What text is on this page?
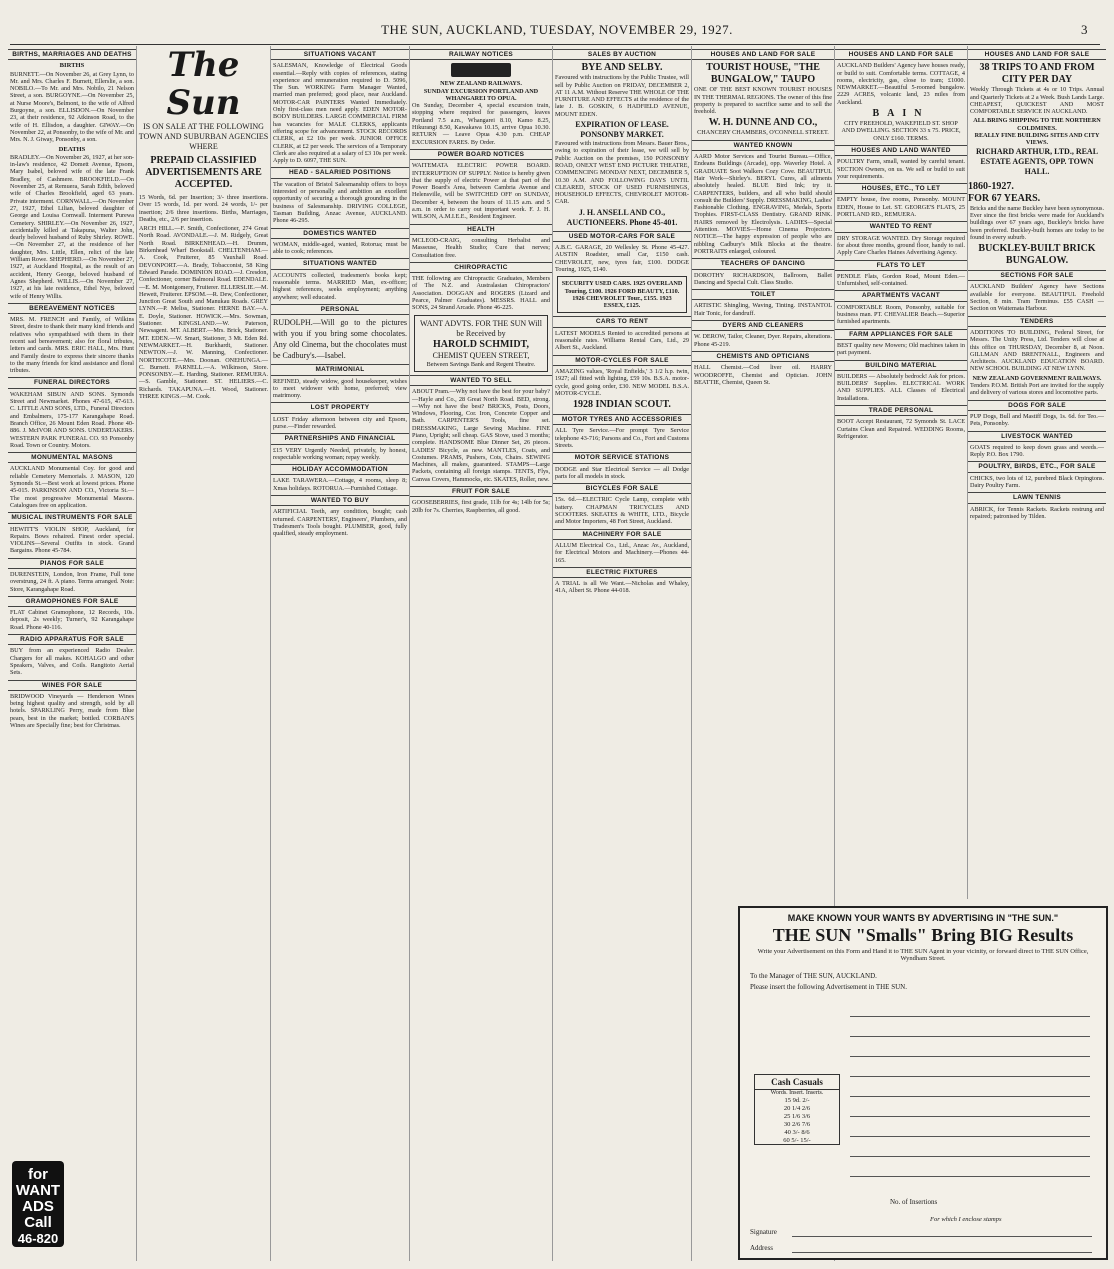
THE SUN, AUCKLAND, TUESDAY, NOVEMBER 29, 1927.	3
BIRTHS, MARRIAGES AND DEATHS
BIRTHS
BURNETT.—On November 26, at Grey Lynn, to Mr. and Mrs. Charles F. Burnett, Ellerslie, a son. NOBILO.—To Mr. and Mrs. Nobilo, 21 Nelson Street, a son. BURGOYNE.—On November 25, at Nurse Moore's, Belmont, to the wife of Alfred Burgoyne, a son. ELLISDON.—On November 23, at their residence, 92 Atkinson Road, to the wife of H. Ellisdon, a daughter. GIWAY.—On November 22, at Ponsonby, to the wife of Mr. and Mrs. N. J. Giway, Ponsonby, a son.
DEATHS
BRADLEY.—On November 26, 1927, at her son-in-law's residence, 42 Domett Avenue, Epsom, Mary Isabel, beloved wife of the late Frank Bradley, of Cashmere. BROOKFIELD.—On November 25, at Remuera, Sarah Edith, beloved wife of Charles Brookfield, aged 63 years. Private interment. CORNWALL.—On November 27, 1927, Ethel Lilian, beloved daughter of George and Louisa Cornwall. Interment Purewa Cemetery. SHIRLEY.—On November 26, 1927, accidentally killed at Takapuna, Walter John, dearly beloved husband of Ruby Shirley. ROWE.—On November 27, at the residence of her daughter, Mrs. Little, Ellen, relict of the late William Rowe. SHEPHERD.—On November 27, 1927, at Auckland Hospital, as the result of an accident, Henry George, beloved husband of Agnes Shepherd. WILLIS.—On November 27, 1927, at his late residence, Ethel Nye, beloved wife of Henry Willis.
BEREAVEMENT NOTICES
MRS. M. FRENCH and Family, of Wilkins Street, desire to thank their many kind friends and relatives who sympathised with them in their recent sad bereavement; also for floral tributes, letters and cards. MRS. ERIC HALL, Mrs. Hunt and Family desire to express their sincere thanks to the many friends for kind assistance and floral tributes.
FUNERAL DIRECTORS
WAKEHAM SIBUN AND SONS. Symonds Street and Newmarket. Phones 47-615, 47-613. C. LITTLE AND SONS, LTD., Funeral Directors and Embalmers, 175-177 Karangahape Road. Branch Office, 26 Mount Eden Road. Phone 40-886. J. McIVOR AND SONS. UNDERTAKERS. WESTERN PARK FUNERAL CO. 93 Ponsonby Road. Town or Country. Motors.
MONUMENTAL MASONS
AUCKLAND Monumental Coy. for good and reliable Cemetery Memorials. J. MASON, 120 Symonds St.—Best work at lowest prices. Phone 45-015. PARKINSON AND CO., Victoria St.—The most progressive Monumental Masons. Catalogues free on application.
MUSICAL INSTRUMENTS FOR SALE
HEWITT'S VIOLIN SHOP, Auckland, for Repairs. Bows rehaired. Finest order special. VIOLINS—Several Outfits in stock. Grand Bargains. Phone 45-784.
PIANOS FOR SALE
DURENSTEIN, London, Iron Frame, Full tone overstrung, 24 ft. A piano. Terms arranged. Note: Store, Karangahape Road.
GRAMOPHONES FOR SALE
FLAT Cabinet Gramophone, 12 Records, 10s. deposit, 2s weekly; Turner's, 92 Karangahape Road. Phone 40-116.
RADIO APPARATUS FOR SALE
BUY from an experienced Radio Dealer. Chargers for all makes. KOHALGO and other Speakers, Valves, and Coils. Rangitoto Aerial Sets.
WINES FOR SALE
BRIDWOOD Vineyards — Henderson Wines being highest quality and strength, sold by all hotels. SPARKLING Perry, made from Blue pears, best in the market; bottled. CORBAN'S Wines are Specially fine; best for Christmas.
for WANT ADS Call
46-820
The Sun
IS ON SALE AT THE FOLLOWING TOWN AND SUBURBAN AGENCIES WHERE
PREPAID CLASSIFIED ADVERTISEMENTS ARE ACCEPTED.
15 Words, 6d. per Insertion; 3/- three insertions. Over 15 words, 1d. per word. 24 words, 1/- per insertion; 2/6 three insertions. Births, Marriages, Deaths, etc., 2/6 per insertion.
ARCH HILL.—F. Smith, Confectioner, 274 Great North Road. AVONDALE.—J. M. Ridgely, Great North Road. BIRKENHEAD.—H. Drumm, Birkenhead Wharf Bookstall. CHELTENHAM.—A. Cook, Fruiterer, 85 Vauxhall Road. DEVONPORT.—A. Brady, Tobacconist, 58 King Edward Parade. DOMINION ROAD.—J. Cresdon, Confectioner, corner Balmoral Road. EDENDALE.—E. M. Montgomery, Fruiterer. ELLERSLIE.—M. Hewett, Fruiterer. EPSOM.—R. Dew, Confectioner, Junction Great South and Manukau Roads. GREY LYNN.—P. Meliss, Stationer. HERNE BAY.—A. E. Doyle, Stationer. HOWICK.—Mrs. Sowman, Stationer. KINGSLAND.—W. Paterson, Newsagent. MT. ALBERT.—Mrs. Brick, Stationer. MT. EDEN.—W. Smart, Stationer, 3 Mt. Eden Rd. NEWMARKET.—H. Burkhardt, Stationer. NEWTON.—J. W. Manning, Confectioner. NORTHCOTE.—Mrs. Doonan. ONEHUNGA.—C. Burnett. PARNELL.—A. Wilkinson, Store. PONSONBY.—E. Harding, Stationer. REMUERA.—S. Gamble, Stationer. ST. HELIERS.—C. Richards. TAKAPUNA.—H. Wood, Stationer. THREE KINGS.—M. Cook.
SITUATIONS VACANT
SALESMAN, Knowledge of Electrical Goods essential.—Reply with copies of references, stating experience and remuneration required to D. 5096, The Sun. WORKING Farm Manager Wanted, married man preferred; good place, near Auckland. MOTOR-CAR PAINTERS Wanted Immediately. Only first-class men need apply. EDEN MOTOR-BODY BUILDERS. LARGE COMMERCIAL FIRM has vacancies for MALE CLERKS, applicants offering scope for advancement. STOCK RECORDS CLERK, at £2 10s per week. JUNIOR OFFICE CLERK, at £2 per week. The services of a Temporary Clerk are also required at a salary of £3 10s per week. Apply to D. 6097, THE SUN.
HEAD - SALARIED POSITIONS
The vacation of Bristol Salesmanship offers to boys interested or personally and ambition an excellent opportunity of securing a thorough grounding in the business of Salesmanship. DRIVING COLLEGE, Tasman Building, Anzac Avenue, AUCKLAND. Phone 46-295.
DOMESTICS WANTED
WOMAN, middle-aged, wanted, Rotorua; must be able to cook; references.
SITUATIONS WANTED
ACCOUNTS collected, tradesmen's books kept; reasonable terms. MARRIED Man, ex-officer; highest references, seeks employment; anything anywhere; well educated.
PERSONAL
RUDOLPH.—Will go to the pictures with you if you bring some chocolates. Any old Cinema, but the chocolates must be Cadbury's.—Isabel.
MATRIMONIAL
REFINED, steady widow, good housekeeper, wishes to meet widower with home, preferred; view matrimony.
LOST PROPERTY
LOST Friday afternoon between city and Epsom, purse.—Finder rewarded.
PARTNERSHIPS AND FINANCIAL
£15 VERY Urgently Needed, privately, by honest, respectable working woman; repay weekly.
HOLIDAY ACCOMMODATION
LAKE TARAWERA.—Cottage, 4 rooms, sleep 8; Xmas holidays. ROTORUA.—Furnished Cottage.
WANTED TO BUY
ARTIFICIAL Teeth, any condition, bought; cash returned. CARPENTERS', Engineers', Plumbers, and Tradesmen's Tools bought. PLUMBER, good, fully qualified, steady employment.
RAILWAY NOTICES
NEW ZEALAND RAILWAYS.
SUNDAY EXCURSION PORTLAND AND WHANGAREI TO OPUA.
On Sunday, December 4, special excursion train, stopping where required for passengers, leaves Portland 7.5 a.m., Whangarei 8.10, Kamo 8.25, Hikurangi 8.50, Kawakawa 10.15, arrive Opua 10.30. RETURN — Leave Opua 4.30 p.m. CHEAP EXCURSION FARES. By Order.
POWER BOARD NOTICES
WAITEMATA ELECTRIC POWER BOARD. INTERRUPTION OF SUPPLY. Notice is hereby given that the supply of electric Power at that part of the Power Board's Area, between Cambria Avenue and Helensville, will be SWITCHED OFF on SUNDAY, December 4, between the hours of 11.15 a.m. and 5 a.m. in order to carry out important work. F. J. H. WILSON, A.M.I.E.E., Resident Engineer.
HEALTH
MCLEOD-CRAIG, consulting Herbalist and Masseuse, Health Studio; Cure that nerves; Consultation free.
CHIROPRACTIC
THE following are Chiropractic Graduates, Members of The N.Z. and Australasian Chiropractors' Association. DOGGAN and ROGERS (Lizard and Pearce, Palmer Graduates). MESSRS. HALL and SONS, 24 Strand Arcade. Phone 46-225.
WANT ADVTS. FOR THE SUN Will be Received by
HAROLD SCHMIDT,
CHEMIST QUEEN STREET,
Between Savings Bank and Regent Theatre.
WANTED TO SELL
ABOUT Pram.—Why not have the best for your baby?—Hayle and Co., 28 Great North Road. BED, strong.—Why not have the best? BRICKS, Posts, Doors, Windows, Flooring, Cor. Iron, Concrete Copper and Bath. CARPENTER'S Tools, fine set. DRESSMAKING, Large Sewing Machine. FINE Piano, Upright; sell cheap. GAS Stove, used 3 months; complete. HANDSOME Blue Dinner Set, 26 pieces. LADIES' Bicycle, as new. MANTLES, Coats, and Costumes. PRAMS, Pushers, Cots, Chairs. SEWING Machines, all makes, guaranteed. STAMPS—Large Packets, containing all foreign stamps. TENTS, Flys, Canvas Covers, Hammocks, etc. SKATES, Roller, new.
FRUIT FOR SALE
GOOSEBERRIES, first grade, 11lb for 4s; 14lb for 5s; 20lb for 7s. Cherries, Raspberries, all good.
SALES BY AUCTION
BYE AND SELBY.
Favoured with instructions by the Public Trustee, will sell by Public Auction on FRIDAY, DECEMBER 2, AT 11 A.M. Without Reserve THE WHOLE OF THE FURNITURE AND EFFECTS at the residence of the late J. B. GOSKIN, 6 HADFIELD AVENUE, MOUNT EDEN.
EXPIRATION OF LEASE. PONSONBY MARKET.
Favoured with instructions from Messrs. Bauer Bros., owing to expiration of their lease, we will sell by Public Auction on the premises, 150 PONSONBY ROAD, ONEXT WEST END PICTURE THEATRE, COMMENCING MONDAY NEXT, DECEMBER 5, 10.30 A.M. AND FOLLOWING DAYS UNTIL CLEARED, STOCK OF USED FURNISHINGS, HOUSEHOLD EFFECTS, CHEVROLET MOTOR-CAR.
J. H. ANSELL AND CO., AUCTIONEERS. Phone 45-401.
USED MOTOR-CARS FOR SALE
A.B.C. GARAGE, 20 Wellesley St. Phone 45-427. AUSTIN Roadster, small Car, £150 cash. CHEVROLET, new, tyres fair, £100. DODGE Touring, 1925, £140.
SECURITY USED CARS. 1925 OVERLAND Touring, £100. 1926 FORD BEAUTY, £110. 1926 CHEVROLET Tour., £155. 1923 ESSEX, £125.
CARS TO RENT
LATEST MODELS Rented to accredited persons at reasonable rates. Williams Rental Cars, Ltd., 29 Albert St., Auckland.
MOTOR-CYCLES FOR SALE
AMAZING values, 'Royal Enfields,' 3 1/2 h.p. twin, 1927; all fitted with lighting, £59 10s. B.S.A. motor-cycle, good going order, £30. NEW MODEL B.S.A. MOTOR-CYCLE.
1928 INDIAN SCOUT.
MOTOR TYRES AND ACCESSORIES
ALL Tyre Service.—For prompt Tyre Service telephone 43-716; Parsons and Co., Fort and Customs Streets.
MOTOR SERVICE STATIONS
DODGE and Star Electrical Service — all Dodge parts for all models in stock.
BICYCLES FOR SALE
15s. 6d.—ELECTRIC Cycle Lamp, complete with battery. CHAPMAN TRICYCLES AND SCOOTERS. SKEATES & WHITE, LTD., Bicycle and Motor Importers, 48 Fort Street, Auckland.
MACHINERY FOR SALE
ALLUM Electrical Co., Ltd., Anzac Av., Auckland, for Electrical Motors and Machinery.—Phones 44-165.
ELECTRIC FIXTURES
A TRIAL is all We Want.—Nicholas and Whaley, 41A, Albert St. Phone 44-018.
HOUSES AND LAND FOR SALE
TOURIST HOUSE, "THE BUNGALOW," TAUPO
ONE OF THE BEST KNOWN TOURIST HOUSES IN THE THERMAL REGIONS. The owner of this fine property is prepared to sacrifice same and to sell the freehold.
W. H. DUNNE AND CO.,
CHANCERY CHAMBERS, O'CONNELL STREET.
WANTED KNOWN
AARD Motor Services and Tourist Bureau.—Office, Endeans Buildings (Arcade), opp. Waverley Hotel. A GRADUATE Soot Walkers Cozy Cove. BEAUTIFUL Hair Work—Shirley's. BERYL Cures, all ailments absolutely healed. BLUE Bird Ink; try it. CARPENTERS, builders, and all who build should consult the Builders' Supply. DRESSMAKING, Ladies' Fashionable Clothing. ENGRAVING, Medals, Sports Trophies. FIRST-CLASS Dentistry. GRAND RINK. HAIRS removed by Electrolysis. LADIES—Special Attention. MOVIES—Home Cinema Projectors. NOTICE—The happy expression of people who are nibbling Cadbury's Milk Blocks at the theatre. PORTRAITS enlarged, coloured.
TEACHERS OF DANCING
DOROTHY RICHARDSON, Ballroom, Ballet Dancing and Special Cult. Class Studio.
TOILET
ARTISTIC Shingling, Waving, Tinting. INSTANTOL Hair Tonic, for dandruff.
DYERS AND CLEANERS
W. DEROW, Tailor, Cleaner, Dyer. Repairs, alterations. Phone 45-219.
CHEMISTS AND OPTICIANS
HALL Chemist.—Cod liver oil. HARRY WOODROFFE, Chemist and Optician. JOHN BEATTIE, Chemist, Queen St.
HOUSES AND LAND FOR SALE
AUCKLAND Builders' Agency have houses ready, or build to suit. Comfortable terms. COTTAGE, 4 rooms, electricity, gas, close to tram; £1000. NEWMARKET.—Beautiful 5-roomed bungalow. 2229 ACRES, volcanic land, 23 miles from Auckland.
BAIN
CITY FREEHOLD, WAKEFIELD ST. SHOP AND DWELLING. SECTION 33 x 75. PRICE, ONLY £160. TERMS.
HOUSES AND LAND WANTED
POULTRY Farm, small, wanted by careful tenant. SECTION Owners, on us. We sell or build to suit your requirements.
HOUSES, ETC., TO LET
EMPTY house, five rooms, Ponsonby. MOUNT EDEN, House to Let. ST. GEORGE'S FLATS, 25 PORTLAND RD., REMUERA.
WANTED TO RENT
DRY STORAGE WANTED. Dry Storage required for about three months, ground floor, handy to rail. Apply Care Charles Haines Advertising Agency.
FLATS TO LET
PENDLE Flats, Gordon Road, Mount Eden.—Unfurnished, self-contained.
APARTMENTS VACANT
COMFORTABLE Room, Ponsonby, suitable for business man. PT. CHEVALIER Beach.—Superior furnished apartments.
FARM APPLIANCES FOR SALE
BEST quality new Mowers; Old machines taken in part payment.
BUILDING MATERIAL
BUILDERS — Absolutely bedrock! Ask for prices. BUILDERS' Supplies. ELECTRICAL WORK AND SUPPLIES. ALL Classes of Electrical Installations.
TRADE PERSONAL
BOOT Accept Restaurant, 72 Symonds St. LACE Curtains Clean and Repaired. WEDDING Rooms, Refrigerator.
HOUSES AND LAND FOR SALE
38 TRIPS TO AND FROM CITY PER DAY
Weekly Through Tickets at 4s or 10 Trips. Annual and Quarterly Tickets at 2 a Week. Bush Lands Large. CHEAPEST, QUICKEST AND MOST COMFORTABLE SERVICE IN AUCKLAND.
ALL BRING SHIPPING TO THE NORTHERN COLDMINES.
REALLY FINE BUILDING SITES AND CITY VIEWS.
RICHARD ARTHUR, LTD., REAL ESTATE AGENTS, OPP. TOWN HALL.
1860-1927.
FOR 67 YEARS.
Bricks and the name Buckley have been synonymous. Ever since the first bricks were made for Auckland's buildings over 67 years ago, Buckley's bricks have been preferred. Buckley-built homes are today to be found in every suburb.
BUCKLEY-BUILT BRICK BUNGALOW.
SECTIONS FOR SALE
AUCKLAND Builders' Agency have Sections available for everyone. BEAUTIFUL Freehold Section, 8 min. Tram Terminus. £55 CASH — Section on Waitemata Harbour.
TENDERS
ADDITIONS TO BUILDING, Federal Street, for Messrs. The Unity Press, Ltd. Tenders will close at this office on THURSDAY, December 8, at Noon. GILLMAN AND BRENTNALL, Engineers and Architects. AUCKLAND EDUCATION BOARD. NEW SCHOOL BUILDING AT NEW LYNN.
NEW ZEALAND GOVERNMENT RAILWAYS.
Tenders P.O.M. British Port are invited for the supply and delivery of various stores and locomotive parts.
DOGS FOR SALE
PUP Dogs, Bull and Mastiff Dogs, 1s. 6d. for Teo.—Pets, Ponsonby.
LIVESTOCK WANTED
GOATS required to keep down grass and weeds.—Reply P.O. Box 1790.
POULTRY, BIRDS, ETC., FOR SALE
CHICKS, two lots of 12, purebred Black Orpingtons. Dairy Poultry Farm.
LAWN TENNIS
ABRICK, for Tennis Rackets. Rackets restrung and repaired; patronised by Tilden.
MAKE KNOWN YOUR WANTS BY ADVERTISING IN "THE SUN."
THE SUN "Smalls" Bring BIG Results
Write your Advertisement on this Form and Hand it to THE SUN Agent in your vicinity, or forward direct to THE SUN Office, Wyndham Street.
To the Manager of THE SUN, AUCKLAND.
Please insert the following Advertisement in THE SUN.
Cash Casuals
Words. Insert. Inserts.
15 9d. 2/-
20 1/4 2/6
25 1/6 3/6
30 2/6 7/6
40 3/- 8/6
60 5/- 15/-
No. of Insertions
For which I enclose stamps
Signature
Address
